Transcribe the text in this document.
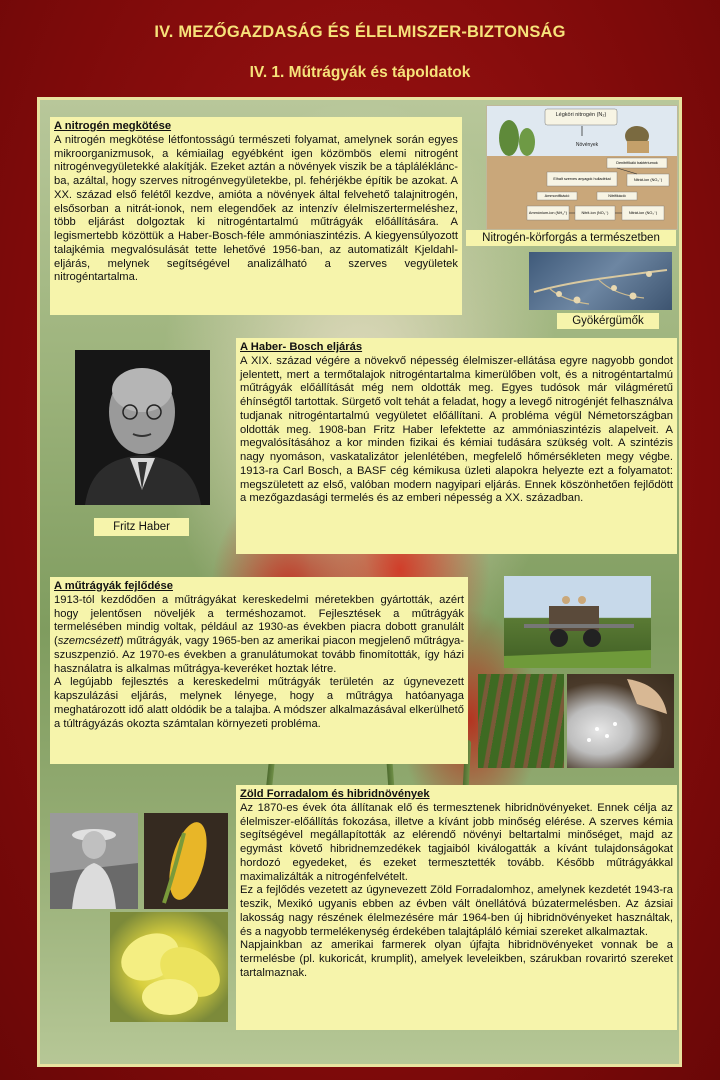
IV. MEZŐGAZDASÁG ÉS ÉLELMISZER-BIZTONSÁG
IV. 1. Műtrágyák és tápoldatok
A nitrogén megkötése

A nitrogén megkötése létfontosságú természeti folyamat, amelynek során egyes mikroorganizmusok, a kémiailag egyébként igen közömbös elemi nitrogént nitrogénvegyületekké alakítják. Ezeket aztán a növények viszik be a táplálékláncba, azáltal, hogy szerves nitrogénvegyületekbe, pl. fehérjékbe építik be azokat. A XX. század első felétől kezdve, amióta a növények által felvehető talajnitrogén, elsősorban a nitrát-ionok, nem elegendőek az intenzív élelmiszertermeléshez, több eljárást dolgoztak ki nitrogéntartalmú műtrágyák előállítására. A legismertebb közöttük a Haber-Bosch-féle ammóniaszintézis. A kiegyensúlyozott talajkémia megvalósulását tette lehetővé 1956-ban, az automatizált Kjeldahl-eljárás, melynek segítségével analizálható a szerves vegyületek nitrogéntartalma.

Légköri nitrogén (N₂)
Növények
Denitrifikáló baktériumok
Elhalt szerves anyagok hulladékai	Nitrát-ion (NO₃⁻)
Ammonifikáció	Nitrifikáció
Ammónium-ion (NH₄⁺)	Nitrit-ion (NO₂⁻)	Nitrát-ion (NO₃⁻)
Nitrogén-körforgás a természetben
Gyökérgümők
Fritz Haber
A Haber- Bosch eljárás

A XIX. század végére a növekvő népesség élelmiszer-ellátása egyre nagyobb gondot jelentett, mert a termőtalajok nitrogéntartalma kimerülőben volt, és a nitrogéntartalmú műtrágyák előállítását még nem oldották meg. Egyes tudósok már világméretű éhínségtől tartottak. Sürgető volt tehát a feladat, hogy a levegő nitrogénjét felhasználva tudjanak nitrogéntartalmú vegyületet előállítani. A probléma végül Németországban oldották meg. 1908-ban Fritz Haber lefektette az ammóniaszintézis alapelveit. A megvalósításához a kor minden fizikai és kémiai tudására szükség volt. A szintézis nagy nyomáson, vaskatalizátor jelenlétében, megfelelő hőmérsékleten megy végbe. 1913-ra Carl Bosch, a BASF cég kémikusa üzleti alapokra helyezte ezt a folyamatot: megszületett az első, valóban modern nagyipari eljárás. Ennek köszönhetően fejlődött a mezőgazdasági termelés és az emberi népesség a XX. században.

A műtrágyák fejlődése

1913-tól kezdődően a műtrágyákat kereskedelmi méretekben gyártották, azért hogy jelentősen növeljék a terméshozamot. Fejlesztések a műtrágyák termelésében mindig voltak, például az 1930-as években piacra dobott granulált (szemcsézett) műtrágyák, vagy 1965-ben az amerikai piacon megjelenő műtrágya-szuszpenzió. Az 1970-es években a granulátumokat tovább finomították, így házi használatra is alkalmas műtrágya-keveréket hoztak létre.

A legújabb fejlesztés a kereskedelmi műtrágyák területén az úgynevezett kapszulázási eljárás, melynek lényege, hogy a műtrágya hatóanyaga meghatározott idő alatt oldódik be a talajba. A módszer alkalmazásával elkerülhető a túltrágyázás okozta számtalan környezeti probléma.

Zöld Forradalom és hibridnövények

Az 1870-es évek óta állítanak elő és termesztenek hibridnövényeket. Ennek célja az élelmiszer-előállítás fokozása, illetve a kívánt jobb minőség elérése. A szerves kémia segítségével megállapították az elérendő növényi beltartalmi minőséget, majd az egymást követő hibridnemzedékek tagjaiból kiválogatták a kívánt tulajdonságokat hordozó egyedeket, és ezeket termesztették tovább. Később műtrágyákkal maximalizálták a nitrogénfelvételt.

Ez a fejlődés vezetett az úgynevezett Zöld Forradalomhoz, amelynek kezdetét 1943-ra teszik, Mexikó ugyanis ebben az évben vált önellátóvá búzatermelésben. Az ázsiai lakosság nagy részének élelmezésére már 1964-ben új hibridnövényeket használtak, és a nagyobb termelékenység érdekében talajtápláló kémiai szereket alkalmaztak.

Napjainkban az amerikai farmerek olyan újfajta hibridnövényeket vonnak be a termelésbe (pl. kukoricát, krumplit), amelyek leveleikben, szárukban rovarirtó szereket tartalmaznak.
